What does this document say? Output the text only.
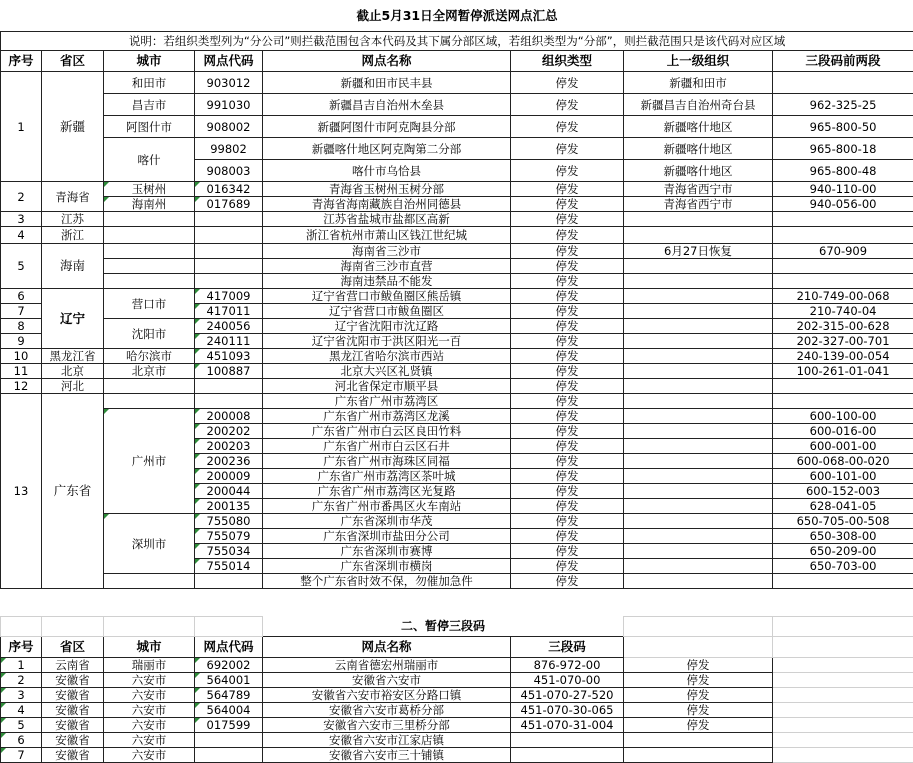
截止5月31日全网暂停派送网点汇总							
说明：若组织类型列为“分公司”则拦截范围包含本代码及其下属分部区域，若组织类型为“分部”，则拦截范围只是该代码对应区域							
序号	省区	城市	网点代码	网点名称	组织类型	上一级组织	三段码前两段
1	新疆	和田市	903012	新疆和田市民丰县	停发	新疆和田市	
		昌吉市	991030	新疆昌吉自治州木垒县	停发	新疆昌吉自治州奇台县	962-325-25
		阿图什市	908002	新疆阿图什市阿克陶县分部	停发	新疆喀什地区	965-800-50
		喀什	99802	新疆喀什地区阿克陶第二分部	停发	新疆喀什地区	965-800-18
			908003	喀什市乌恰县	停发	新疆喀什地区	965-800-48
2	青海省	玉树州	016342	青海省玉树州玉树分部	停发	青海省西宁市	940-110-00
		海南州	017689	青海省海南藏族自治州同德县	停发	青海省西宁市	940-056-00
3	江苏			江苏省盐城市盐都区高新	停发		
4	浙江			浙江省杭州市萧山区钱江世纪城	停发		
5	海南			海南省三沙市	停发	6月27日恢复	670-909
				海南省三沙市直营	停发		
				海南违禁品不能发	停发		
6	辽宁	营口市	417009	辽宁省营口市鲅鱼圈区熊岳镇	停发		210-749-00-068
7			417011	辽宁省营口市鲅鱼圈区	停发		210-740-04
8		沈阳市	240056	辽宁省沈阳市沈辽路	停发		202-315-00-628
9			240111	辽宁省沈阳市于洪区阳光一百	停发		202-327-00-701
10	黑龙江省	哈尔滨市	451093	黑龙江省哈尔滨市西站	停发		240-139-00-054
11	北京	北京市	100887	北京大兴区礼贤镇	停发		100-261-01-041
12	河北			河北省保定市顺平县	停发		
13	广东省			广东省广州市荔湾区	停发		
		广州市	200008	广东省广州市荔湾区龙溪	停发		600-100-00
			200202	广东省广州市白云区良田竹料	停发		600-016-00
			200203	广东省广州市白云区石井	停发		600-001-00
			200236	广东省广州市海珠区同福	停发		600-068-00-020
			200009	广东省广州市荔湾区茶叶城	停发		600-101-00
			200044	广东省广州市荔湾区光复路	停发		600-152-003
			200135	广东省广州市番禺区火车南站	停发		628-041-05
		深圳市	755080	广东省深圳市华茂	停发		650-705-00-508
			755079	广东省深圳市盐田分公司	停发		650-308-00
			755034	广东省深圳市赛博	停发		650-209-00
			755014	广东省深圳市横岗	停发		650-703-00
				整个广东省时效不保，勿催加急件	停发		
				二、暂停三段码			
序号	省区	城市	网点代码	网点名称	三段码		
1	云南省	瑞丽市	692002	云南省德宏州瑞丽市	876-972-00	停发	
2	安徽省	六安市	564001	安徽省六安市	451-070-00	停发	
3	安徽省	六安市	564789	安徽省六安市裕安区分路口镇	451-070-27-520	停发	
4	安徽省	六安市	564004	安徽省六安市葛桥分部	451-070-30-065	停发	
5	安徽省	六安市	017599	安徽省六安市三里桥分部	451-070-31-004	停发	
6	安徽省	六安市		安徽省六安市江家店镇			
7	安徽省	六安市		安徽省六安市三十铺镇			
